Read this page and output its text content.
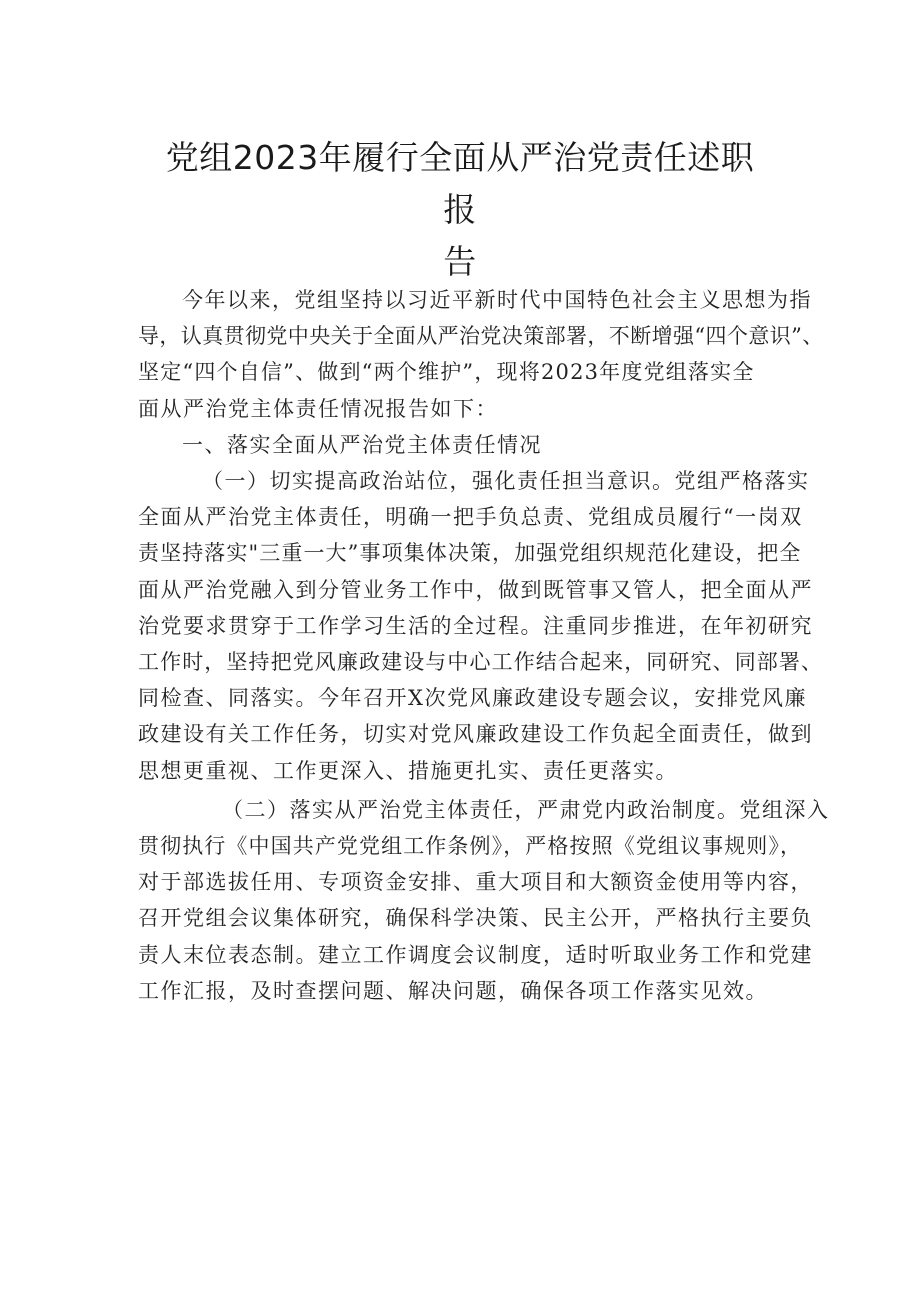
党组2023年履行全面从严治党责任述职报
告

今年以来，党组坚持以习近平新时代中国特色社会主义思想为指
导，认真贯彻党中央关于全面从严治党决策部署，不断增强“四个意识”、
坚定“四个自信”、做到“两个维护”，现将2023年度党组落实全
面从严治党主体责任情况报告如下：

一、落实全面从严治党主体责任情况

（一）切实提高政治站位，强化责任担当意识。党组严格落实
全面从严治党主体责任，明确一把手负总责、党组成员履行“一岗双
责坚持落实"三重一大”事项集体决策，加强党组织规范化建设，把全
面从严治党融入到分管业务工作中，做到既管事又管人，把全面从严
治党要求贯穿于工作学习生活的全过程。注重同步推进，在年初研究
工作时，坚持把党风廉政建设与中心工作结合起来，同研究、同部署、
同检查、同落实。今年召开X次党风廉政建设专题会议，安排党风廉
政建设有关工作任务，切实对党风廉政建设工作负起全面责任，做到
思想更重视、工作更深入、措施更扎实、责任更落实。

（二）落实从严治党主体责任，严肃党内政治制度。党组深入
贯彻执行《中国共产党党组工作条例》，严格按照《党组议事规则》，
对于部选拔任用、专项资金安排、重大项目和大额资金使用等内容，
召开党组会议集体研究，确保科学决策、民主公开，严格执行主要负
责人末位表态制。建立工作调度会议制度，适时听取业务工作和党建
工作汇报，及时查摆问题、解决问题，确保各项工作落实见效。
